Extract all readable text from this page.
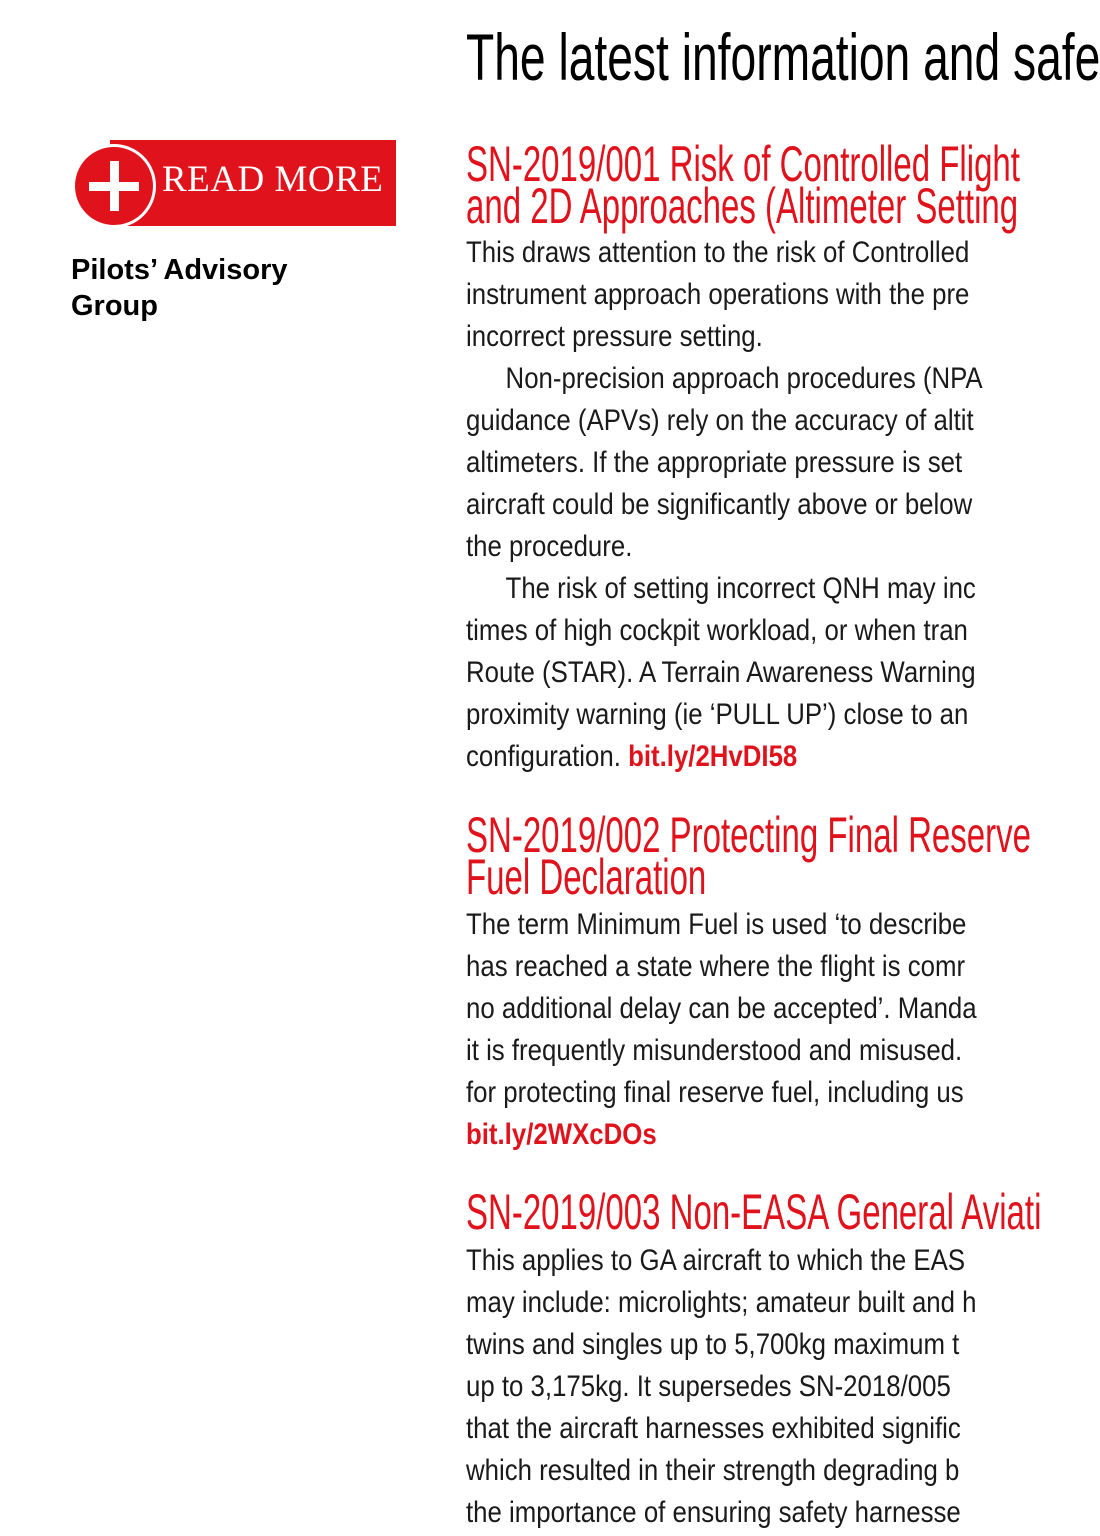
READ MORE
Pilots’ Advisory
Group
The latest information and safe
SN-2019/001 Risk of Controlled Flight
and 2D Approaches (Altimeter Setting
This draws attention to the risk of Controlled
instrument approach operations with the pre
incorrect pressure setting.
Non-precision approach procedures (NPA
guidance (APVs) rely on the accuracy of altit
altimeters. If the appropriate pressure is set
aircraft could be significantly above or below
the procedure.
The risk of setting incorrect QNH may inc
times of high cockpit workload, or when tran
Route (STAR). A Terrain Awareness Warning
proximity warning (ie ‘PULL UP’) close to an
configuration. bit.ly/2HvDI58
SN-2019/002 Protecting Final Reserve
Fuel Declaration
The term Minimum Fuel is used ‘to describe
has reached a state where the flight is comr
no additional delay can be accepted’. Manda
it is frequently misunderstood and misused.
for protecting final reserve fuel, including us
bit.ly/2WXcDOs
SN-2019/003 Non-EASA General Aviati
This applies to GA aircraft to which the EAS
may include: microlights; amateur built and h
twins and singles up to 5,700kg maximum t
up to 3,175kg. It supersedes SN-2018/005
that the aircraft harnesses exhibited signific
which resulted in their strength degrading b
the importance of ensuring safety harnesse
